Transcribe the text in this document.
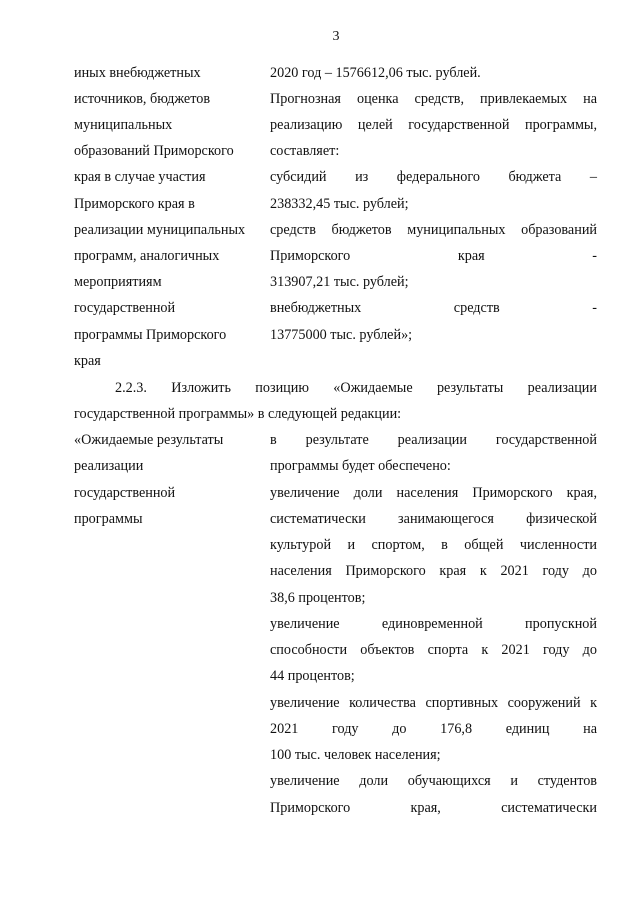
3
иных внебюджетных
источников, бюджетов
муниципальных
образований Приморского
края в случае участия
Приморского края в
реализации муниципальных
программ, аналогичных
мероприятиям
государственной
программы Приморского
края
2020 год – 1576612,06 тыс. рублей.
Прогнозная оценка средств, привлекаемых на
реализацию целей государственной программы,
составляет:
субсидий из федерального бюджета –
238332,45 тыс. рублей;
средств бюджетов муниципальных образований
Приморского края -
313907,21 тыс. рублей;
внебюджетных средств -
13775000 тыс. рублей»;
2.2.3. Изложить позицию «Ожидаемые результаты реализации
государственной программы» в следующей редакции:
«Ожидаемые результаты
реализации
государственной
программы
в результате реализации государственной
программы будет обеспечено:
увеличение доли населения Приморского края,
систематически занимающегося физической
культурой и спортом, в общей численности
населения Приморского края к 2021 году до
38,6 процентов;
увеличение единовременной пропускной
способности объектов спорта к 2021 году до
44 процентов;
увеличение количества спортивных сооружений к
2021 году до 176,8 единиц на
100 тыс. человек населения;
увеличение доли обучающихся и студентов
Приморского края, систематически
